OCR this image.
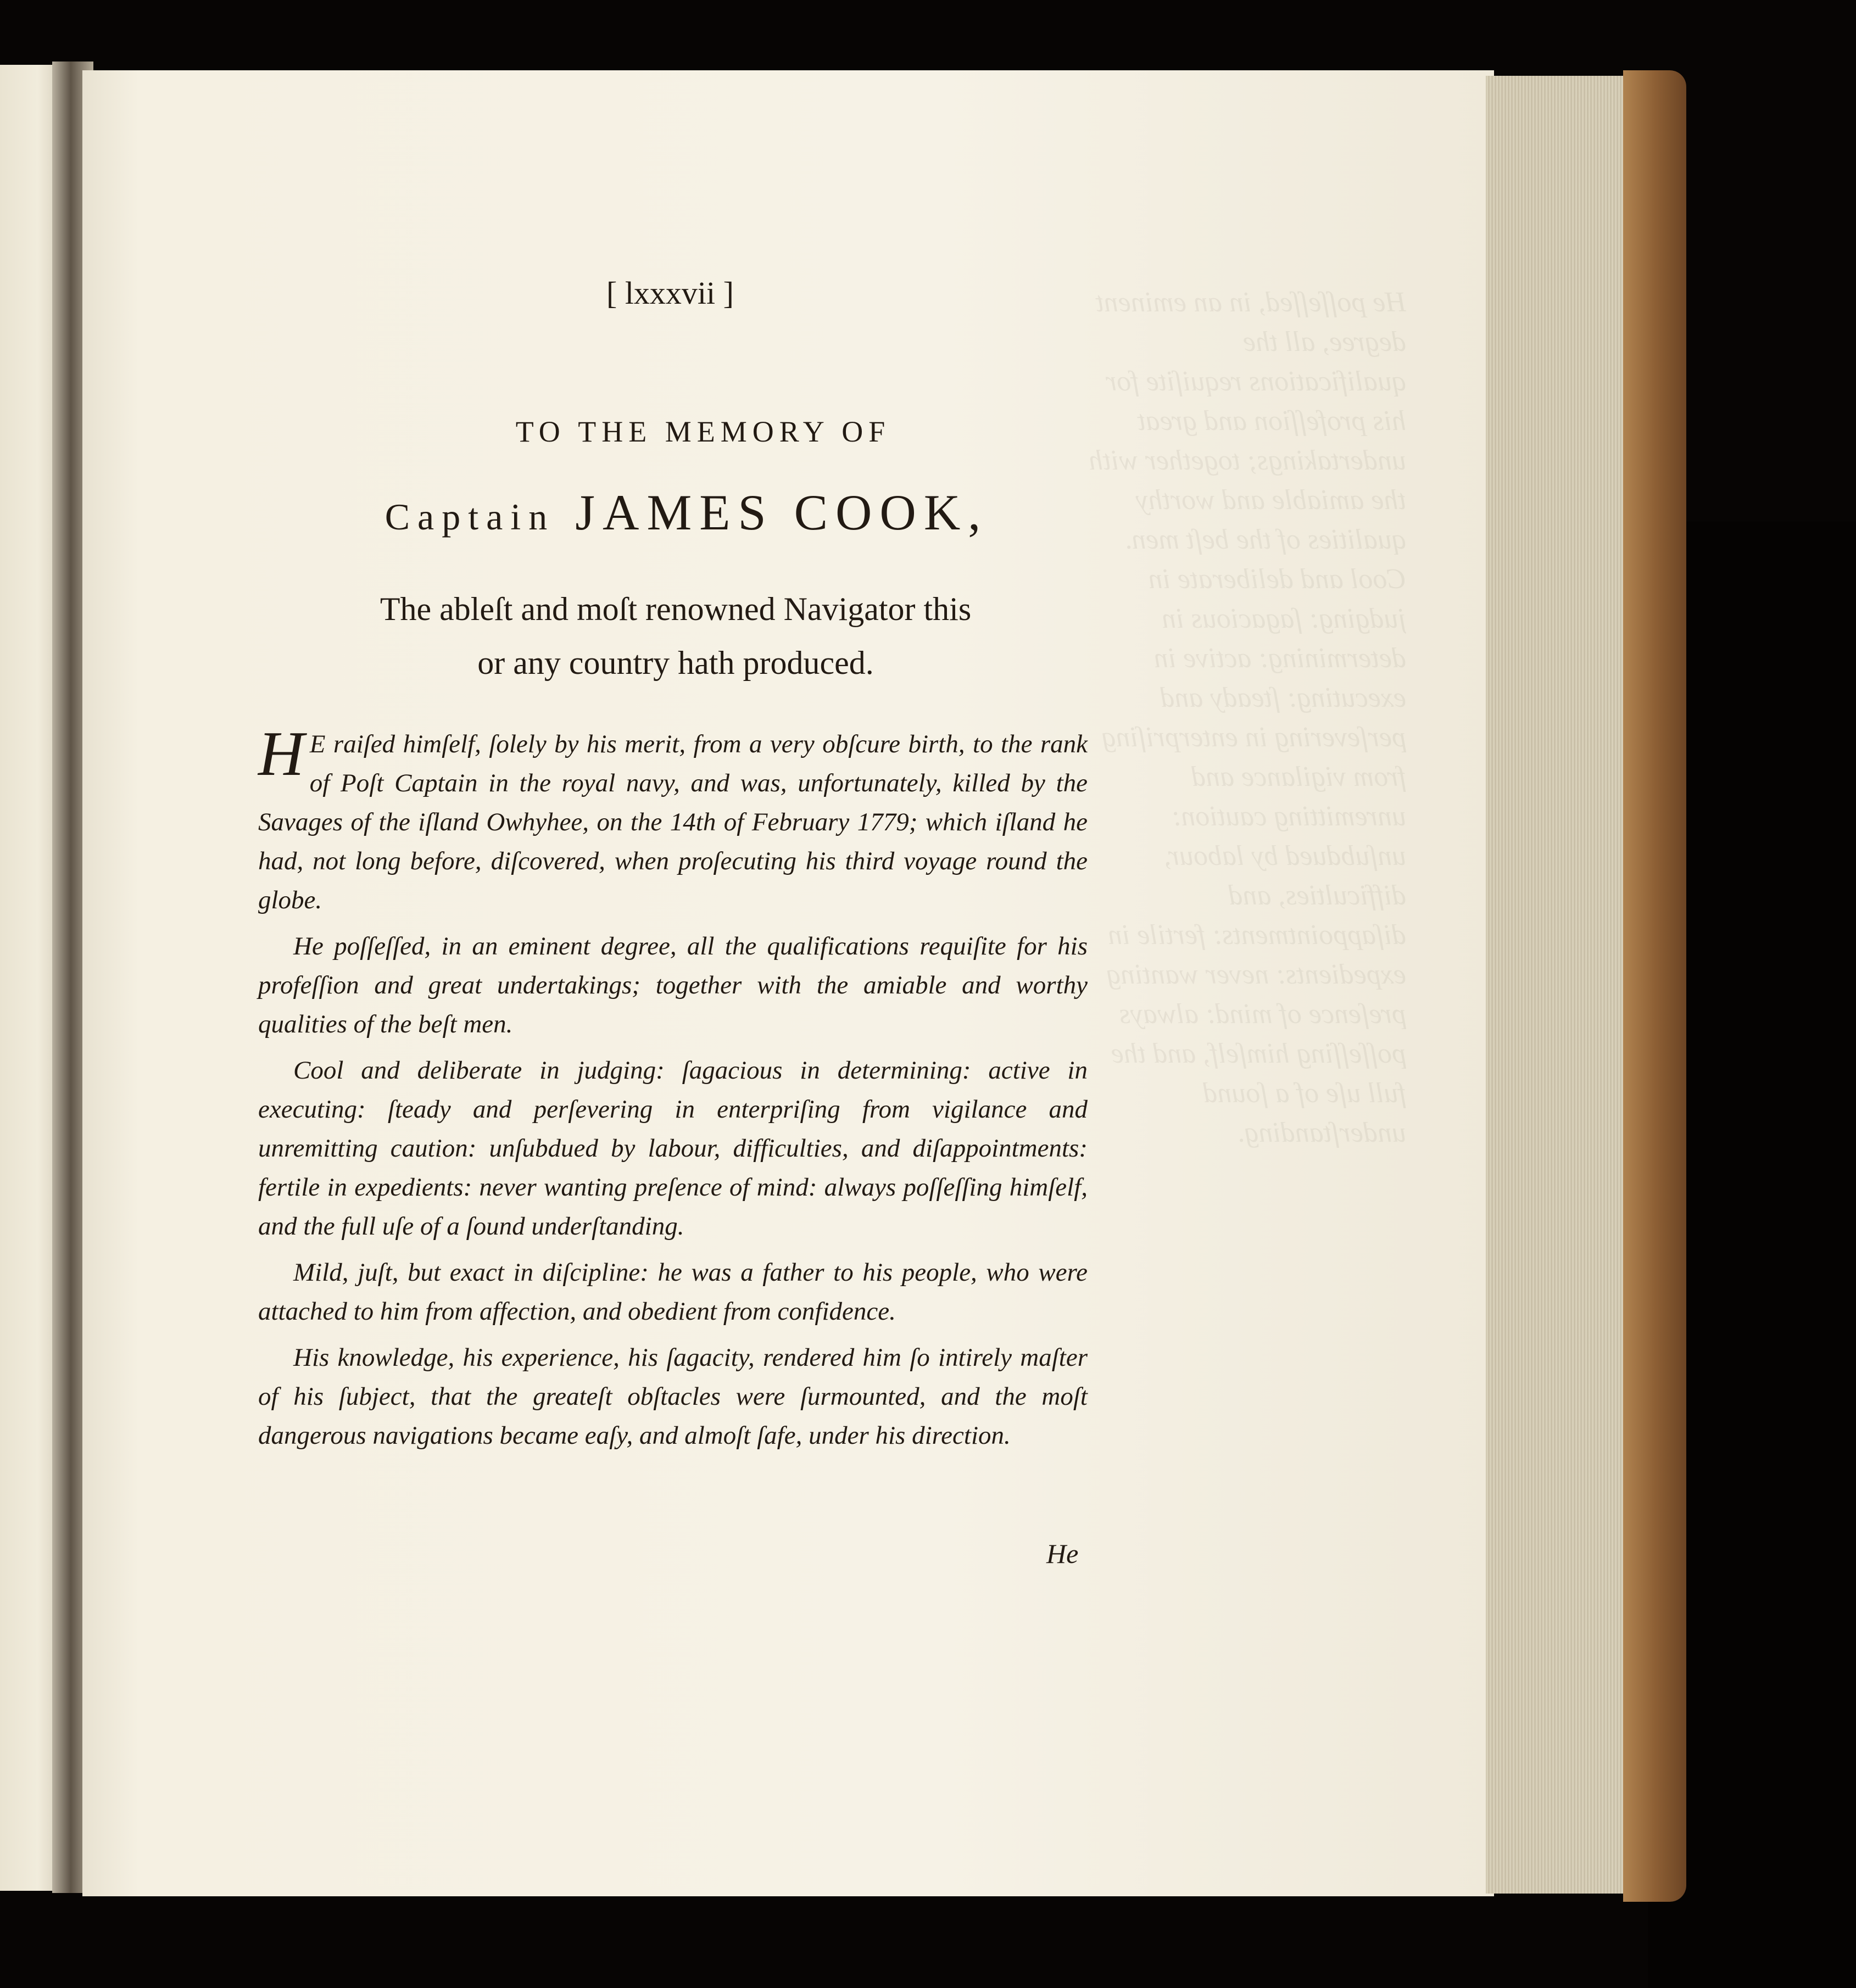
He poſſeſſed, in an eminent degree, all the qualifications requiſite for his profeſſion and great undertakings; together with the amiable and worthy qualities of the beſt men.
Cool and deliberate in judging: ſagacious in determining: active in executing: ſteady and perſevering in enterpriſing from vigilance and unremitting caution: unſubdued by labour, difficulties, and diſappointments: fertile in expedients: never wanting preſence of mind: always poſſeſſing himſelf, and the full uſe of a ſound underſtanding.
[ lxxxvii ]
TO THE MEMORY OF
Captain JAMES COOK,
The ableſt and moſt renowned Navigator this
or any country hath produced.

H E raiſed himſelf, ſolely by his merit, from a very obſcure birth, to the rank of Poſt Captain in the royal navy, and was, unfortunately, killed by the Savages of the iſland Owhyhee, on the 14th of February 1779; which iſland he had, not long before, diſcovered, when proſecuting his third voyage round the globe.

He poſſeſſed, in an eminent degree, all the qualifications requiſite for his profeſſion and great undertakings; together with the amiable and worthy qualities of the beſt men.

Cool and deliberate in judging: ſagacious in determining: active in executing: ſteady and perſevering in enterpriſing from vigilance and unremitting caution: unſubdued by labour, difficulties, and diſappointments: fertile in expedients: never wanting preſence of mind: always poſſeſſing himſelf, and the full uſe of a ſound underſtanding.

Mild, juſt, but exact in diſcipline: he was a father to his people, who were attached to him from affection, and obedient from confidence.

His knowledge, his experience, his ſagacity, rendered him ſo intirely maſter of his ſubject, that the greateſt obſtacles were ſurmounted, and the moſt dangerous navigations became eaſy, and almoſt ſafe, under his direction.

He
